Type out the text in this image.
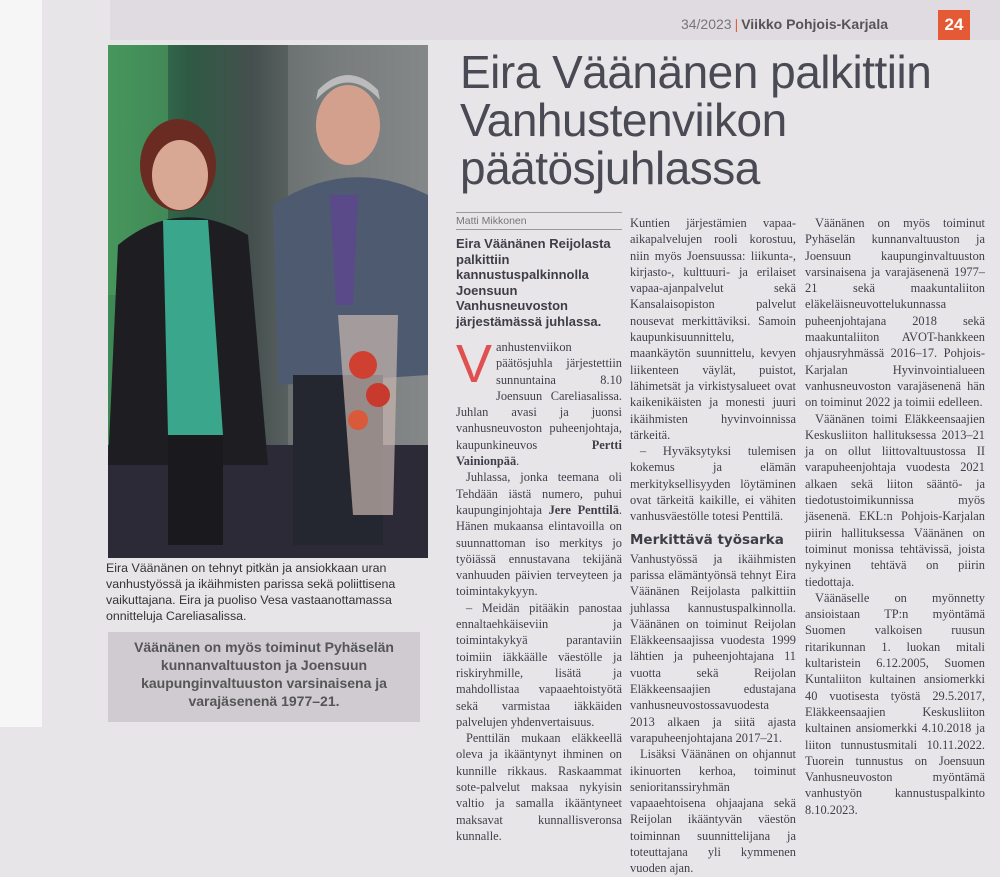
34/2023 | Viikko Pohjois-Karjala	24
Eira Väänänen on tehnyt pitkän ja ansiokkaan uran vanhustyössä ja ikäihmisten parissa sekä poliittisena vaikuttajana. Eira ja puoliso Vesa vastaanottamassa onnitteluja Careliasalissa.
Väänänen on myös toiminut Pyhäselän kunnanvaltuuston ja Joensuun kaupunginvaltuuston varsinaisena ja varajäsenenä 1977–21.
Eira Väänänen palkittiin Vanhustenviikon päätösjuhlassa
Matti Mikkonen

Eira Väänänen Reijolasta palkittiin kannustuspalkinnolla Joensuun Vanhusneuvoston järjestämässä juhlassa.

Vanhustenviikon päätösjuhla järjestettiin sunnuntaina 8.10 Joensuun Careliasalissa. Juhlan avasi ja juonsi vanhusneuvoston puheenjohtaja, kaupunkineuvos Pertti Vainionpää.

Juhlassa, jonka teemana oli Tehdään iästä numero, puhui kaupunginjohtaja Jere Penttilä. Hänen mukaansa elintavoilla on suunnattoman iso merkitys jo työiässä ennustavana tekijänä vanhuuden päivien terveyteen ja toimintakykyyn.

– Meidän pitääkin panostaa ennaltaehkäiseviin ja toimintakykyä parantaviin toimiin iäkkäälle väestölle ja riskiryhmille, lisätä ja mahdollistaa vapaaehtoistyötä sekä varmistaa iäkkäiden palvelujen yhdenvertaisuus.

Penttilän mukaan eläkkeellä oleva ja ikääntynyt ihminen on kunnille rikkaus. Raskaammat sote-palvelut maksaa nykyisin valtio ja samalla ikääntyneet maksavat kunnallisveronsa kunnalle.

Kuntien järjestämien vapaa-aikapalvelujen rooli korostuu, niin myös Joensuussa: liikunta-, kirjasto-, kulttuuri- ja erilaiset vapaa-ajanpalvelut sekä Kansalaisopiston palvelut nousevat merkittäviksi. Samoin kaupunkisuunnittelu, maankäytön suunnittelu, kevyen liikenteen väylät, puistot, lähimetsät ja virkistysalueet ovat kaikenikäisten ja monesti juuri ikäihmisten hyvinvoinnissa tärkeitä.

– Hyväksytyksi tulemisen kokemus ja elämän merkityksellisyyden löytäminen ovat tärkeitä kaikille, ei vähiten vanhusväestölle totesi Penttilä.

Merkittävä työsarka

Vanhustyössä ja ikäihmisten parissa elämäntyönsä tehnyt Eira Väänänen Reijolasta palkittiin juhlassa kannustuspalkinnolla. Väänänen on toiminut Reijolan Eläkkeensaajissa vuodesta 1999 lähtien ja puheenjohtajana 11 vuotta sekä Reijolan Eläkkeensaajien edustajana vanhusneuvostossavuodesta 2013 alkaen ja siitä ajasta varapuheenjohtajana 2017–21.

Lisäksi Väänänen on ohjannut ikinuorten kerhoa, toiminut senioritanssiryhmän vapaaehtoisena ohjaajana sekä Reijolan ikääntyvän väestön toiminnan suunnittelijana ja toteuttajana yli kymmenen vuoden ajan.

Väänänen on myös toiminut Pyhäselän kunnanvaltuuston ja Joensuun kaupunginvaltuuston varsinaisena ja varajäsenenä 1977–21 sekä maakuntaliiton eläkeläisneuvottelukunnassa puheenjohtajana 2018 sekä maakuntaliiton AVOT-hankkeen ohjausryhmässä 2016–17. Pohjois-Karjalan Hyvinvointialueen vanhusneuvoston varajäsenenä hän on toiminut 2022 ja toimii edelleen.

Väänänen toimi Eläkkeensaajien Keskusliiton hallituksessa 2013–21 ja on ollut liittovaltuustossa II varapuheenjohtaja vuodesta 2021 alkaen sekä liiton sääntö- ja tiedotustoimikunnissa myös jäsenenä. EKL:n Pohjois-Karjalan piirin hallituksessa Väänänen on toiminut monissa tehtävissä, joista nykyinen tehtävä on piirin tiedottaja.

Väänäselle on myönnetty ansioistaan TP:n myöntämä Suomen valkoisen ruusun ritarikunnan 1. luokan mitali kultaristein 6.12.2005, Suomen Kuntaliiton kultainen ansiomerkki 40 vuotisesta työstä 29.5.2017, Eläkkeensaajien Keskusliiton kultainen ansiomerkki 4.10.2018 ja liiton tunnustusmitali 10.11.2022. Tuorein tunnustus on Joensuun Vanhusneuvoston myöntämä vanhustyön kannustuspalkinto 8.10.2023.
